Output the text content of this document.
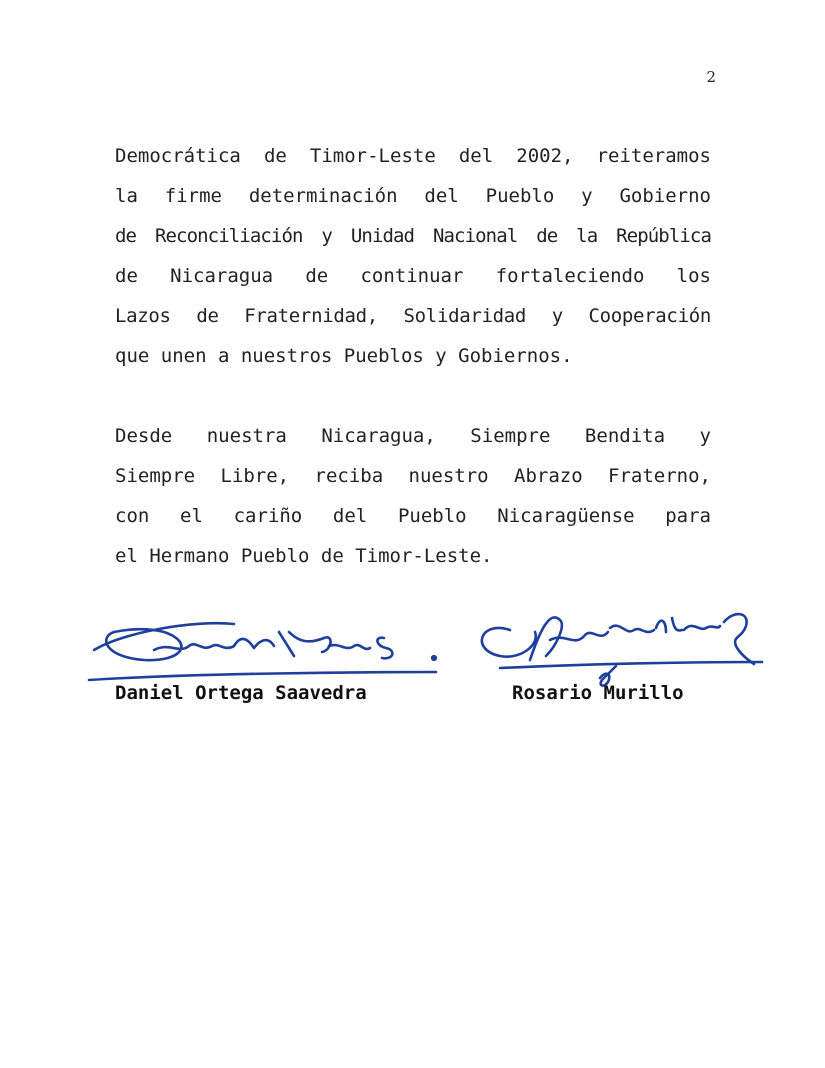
2
Democrática de Timor-Leste del 2002, reiteramos
la firme determinación del Pueblo y Gobierno
de Reconciliación y Unidad Nacional de la República
de Nicaragua de continuar fortaleciendo los
Lazos de Fraternidad, Solidaridad y Cooperación
que unen a nuestros Pueblos y Gobiernos.
Desde nuestra Nicaragua, Siempre Bendita y
Siempre Libre, reciba nuestro Abrazo Fraterno,
con el cariño del Pueblo Nicaragüense para
el Hermano Pueblo de Timor-Leste.
Daniel Ortega Saavedra	Rosario Murillo
